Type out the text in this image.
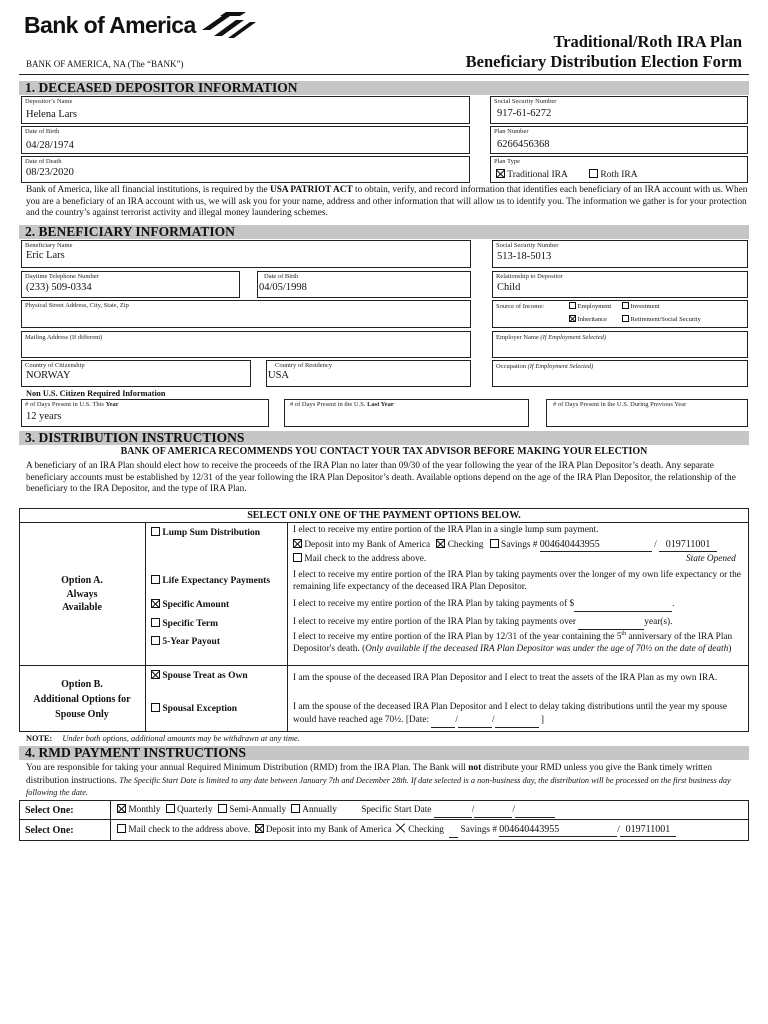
Bank of America
BANK OF AMERICA, NA (The “BANK”)
Traditional/Roth IRA Plan
Beneficiary Distribution Election Form
1. DECEASED DEPOSITOR INFORMATION
Depositor’s Name
Helena Lars
Social Security Number
917-61-6272
Date of Birth
04/28/1974
Plan Number
6266456368
Date of Death
08/23/2020
Plan Type
Traditional IRA	Roth IRA
Bank of America, like all financial institutions, is required by the USA PATRIOT ACT to obtain, verify, and record information that identifies each beneficiary of an IRA account with us. When you are a beneficiary of an IRA account with us, we will ask you for your name, address and other information that will allow us to identify you. The information we gather is for your protection and the country’s against terrorist activity and illegal money laundering schemes.
2. BENEFICIARY INFORMATION
Beneficiary Name
Eric Lars
Social Security Number
513-18-5013
Daytime Telephone Number
(233) 509-0334
Date of Birth
04/05/1998
Relationship to Depositor
Child
Physical Street Address, City, State, Zip	Source of Income:	Employment	Investment
Inheritance	Retirement/Social Security
Mailing Address (If different)	Employer Name (If Employment Selected)
Country of Citizenship
NORWAY
Country of Residency
USA
Occupation (If Employment Selected)
Non U.S. Citizen Required Information
# of Days Present in U.S. This Year
12 years
# of Days Present in the U.S. Last Year	# of Days Present in the U.S. During Previous Year
3. DISTRIBUTION INSTRUCTIONS
BANK OF AMERICA RECOMMENDS YOU CONTACT YOUR TAX ADVISOR BEFORE MAKING YOUR ELECTION
A beneficiary of an IRA Plan should elect how to receive the proceeds of the IRA Plan no later than 09/30 of the year following the year of the IRA Plan Depositor’s death. Any separate beneficiary accounts must be established by 12/31 of the year following the IRA Plan Depositor’s death. Available options depend on the age of the IRA Plan Depositor, the relationship of the beneficiary to the IRA Depositor, and the type of IRA Plan.
SELECT ONLY ONE OF THE PAYMENT OPTIONS BELOW.
Option A.
Always
Available
Option B.
Additional Options for
Spouse Only
Lump Sum Distribution	I elect to receive my entire portion of the IRA Plan in a single lump sum payment.
Deposit into my Bank of America Checking Savings # 004640443955	/ 019711001
Mail check to the address above.	State Opened
Life Expectancy Payments
I elect to receive my entire portion of the IRA Plan by taking payments over the longer of my own life expectancy or the remaining life expectancy of the deceased IRA Plan Depositor.
Specific Amount	I elect to receive my entire portion of the IRA Plan by taking payments of $	.
Specific Term	I elect to receive my entire portion of the IRA Plan by taking payments over	year(s).
5-Year Payout	I elect to receive my entire portion of the IRA Plan by 12/31 of the year containing the 5th anniversary of the IRA Plan Depositor's death. (Only available if the deceased IRA Plan Depositor was under the age of 70½ on the date of death)
Spouse Treat as Own	I am the spouse of the deceased IRA Plan Depositor and I elect to treat the assets of the IRA Plan as my own IRA.
Spousal Exception	I am the spouse of the deceased IRA Plan Depositor and I elect to delay taking distributions until the year my spouse would have reached age 70½. [Date:	/	/	]
NOTE: Under both options, additional amounts may be withdrawn at any time.
4. RMD PAYMENT INSTRUCTIONS
You are responsible for taking your annual Required Minimum Distribution (RMD) from the IRA Plan. The Bank will not distribute your RMD unless you give the Bank timely written distribution instructions. The Specific Start Date is limited to any date between January 7th and December 28th. If date selected is a non-business day, the distribution will be processed on the first business day following the date.
Select One:	Monthly Quarterly Semi-Annually Annually	Specific Start Date	/	/
Select One:	Mail check to the address above. Deposit into my Bank of America Checking Savings # 004640443955	/ 019711001
